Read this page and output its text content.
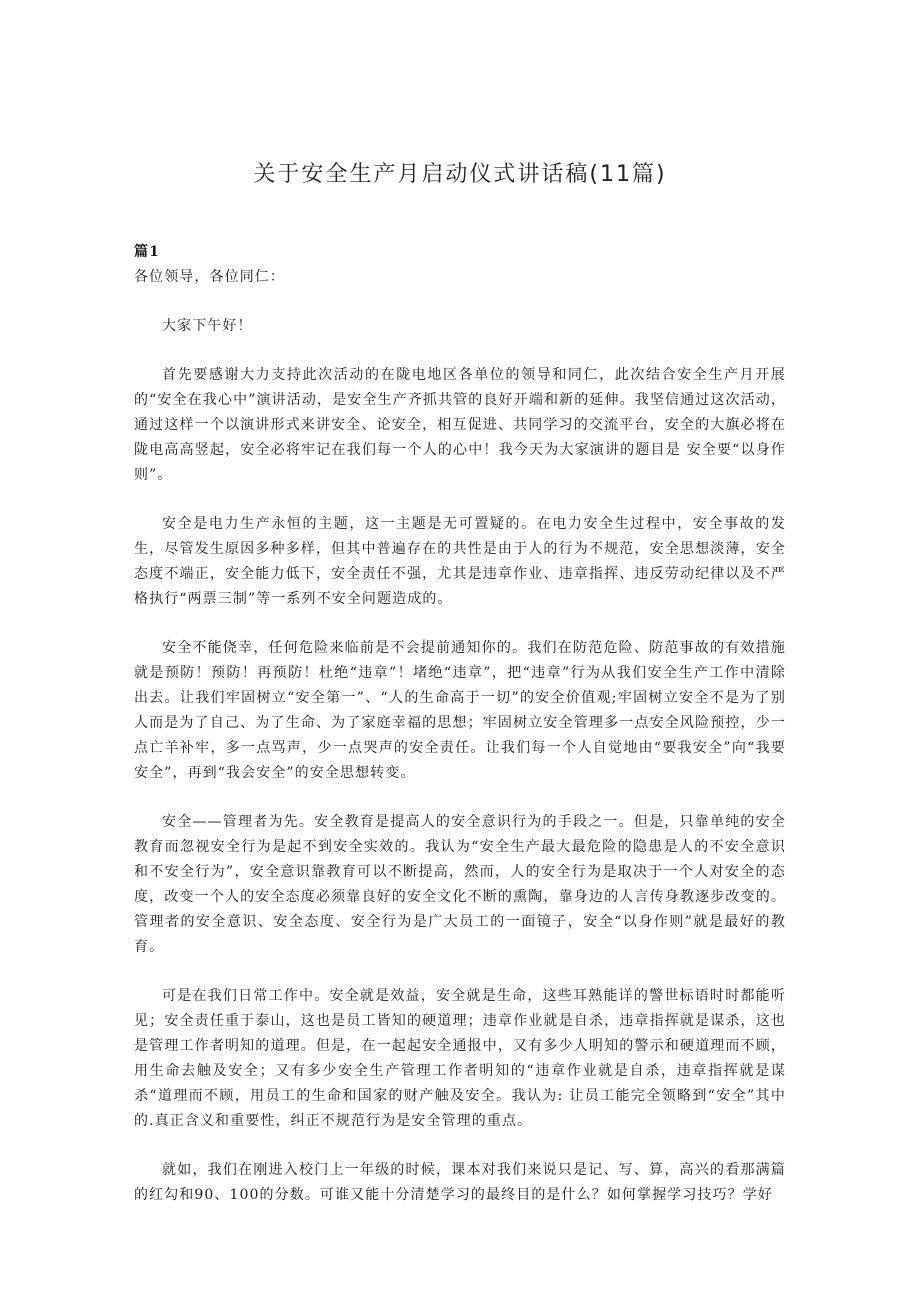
关于安全生产月启动仪式讲话稿(11篇)

篇1

各位领导，各位同仁：

大家下午好！

首先要感谢大力支持此次活动的在陇电地区各单位的领导和同仁，此次结合安全生产月开展的“安全在我心中”演讲活动，是安全生产齐抓共管的良好开端和新的延伸。我坚信通过这次活动，通过这样一个以演讲形式来讲安全、论安全，相互促进、共同学习的交流平台，安全的大旗必将在陇电高高竖起，安全必将牢记在我们每一个人的心中！我今天为大家演讲的题目是 安全要“以身作则”。

安全是电力生产永恒的主题，这一主题是无可置疑的。在电力安全生过程中，安全事故的发生，尽管发生原因多种多样，但其中普遍存在的共性是由于人的行为不规范，安全思想淡薄，安全态度不端正，安全能力低下，安全责任不强，尤其是违章作业、违章指挥、违反劳动纪律以及不严格执行“两票三制”等一系列不安全问题造成的。

安全不能侥幸，任何危险来临前是不会提前通知你的。我们在防范危险、防范事故的有效措施就是预防！预防！再预防！杜绝“违章”！堵绝“违章”，把“违章”行为从我们安全生产工作中清除出去。让我们牢固树立“安全第一”、“人的生命高于一切”的安全价值观;牢固树立安全不是为了别人而是为了自己、为了生命、为了家庭幸福的思想；牢固树立安全管理多一点安全风险预控，少一点亡羊补牢，多一点骂声，少一点哭声的安全责任。让我们每一个人自觉地由“要我安全”向“我要安全”，再到“我会安全”的安全思想转变。

安全——管理者为先。安全教育是提高人的安全意识行为的手段之一。但是，只靠单纯的安全教育而忽视安全行为是起不到安全实效的。我认为“安全生产最大最危险的隐患是人的不安全意识和不安全行为”，安全意识靠教育可以不断提高，然而，人的安全行为是取决于一个人对安全的态度，改变一个人的安全态度必须靠良好的安全文化不断的熏陶，靠身边的人言传身教逐步改变的。管理者的安全意识、安全态度、安全行为是广大员工的一面镜子，安全“以身作则”就是最好的教育。

可是在我们日常工作中。安全就是效益，安全就是生命，这些耳熟能详的警世标语时时都能听见；安全责任重于泰山，这也是员工皆知的硬道理；违章作业就是自杀，违章指挥就是谋杀，这也是管理工作者明知的道理。但是，在一起起安全通报中，又有多少人明知的警示和硬道理而不顾，用生命去触及安全；又有多少安全生产管理工作者明知的“违章作业就是自杀，违章指挥就是谋杀“道理而不顾，用员工的生命和国家的财产触及安全。我认为: 让员工能完全领略到“安全”其中的.真正含义和重要性，纠正不规范行为是安全管理的重点。

就如，我们在刚进入校门上一年级的时候，课本对我们来说只是记、写、算，高兴的看那满篇的红勾和90、100的分数。可谁又能十分清楚学习的最终目的是什么？如何掌握学习技巧？学好
